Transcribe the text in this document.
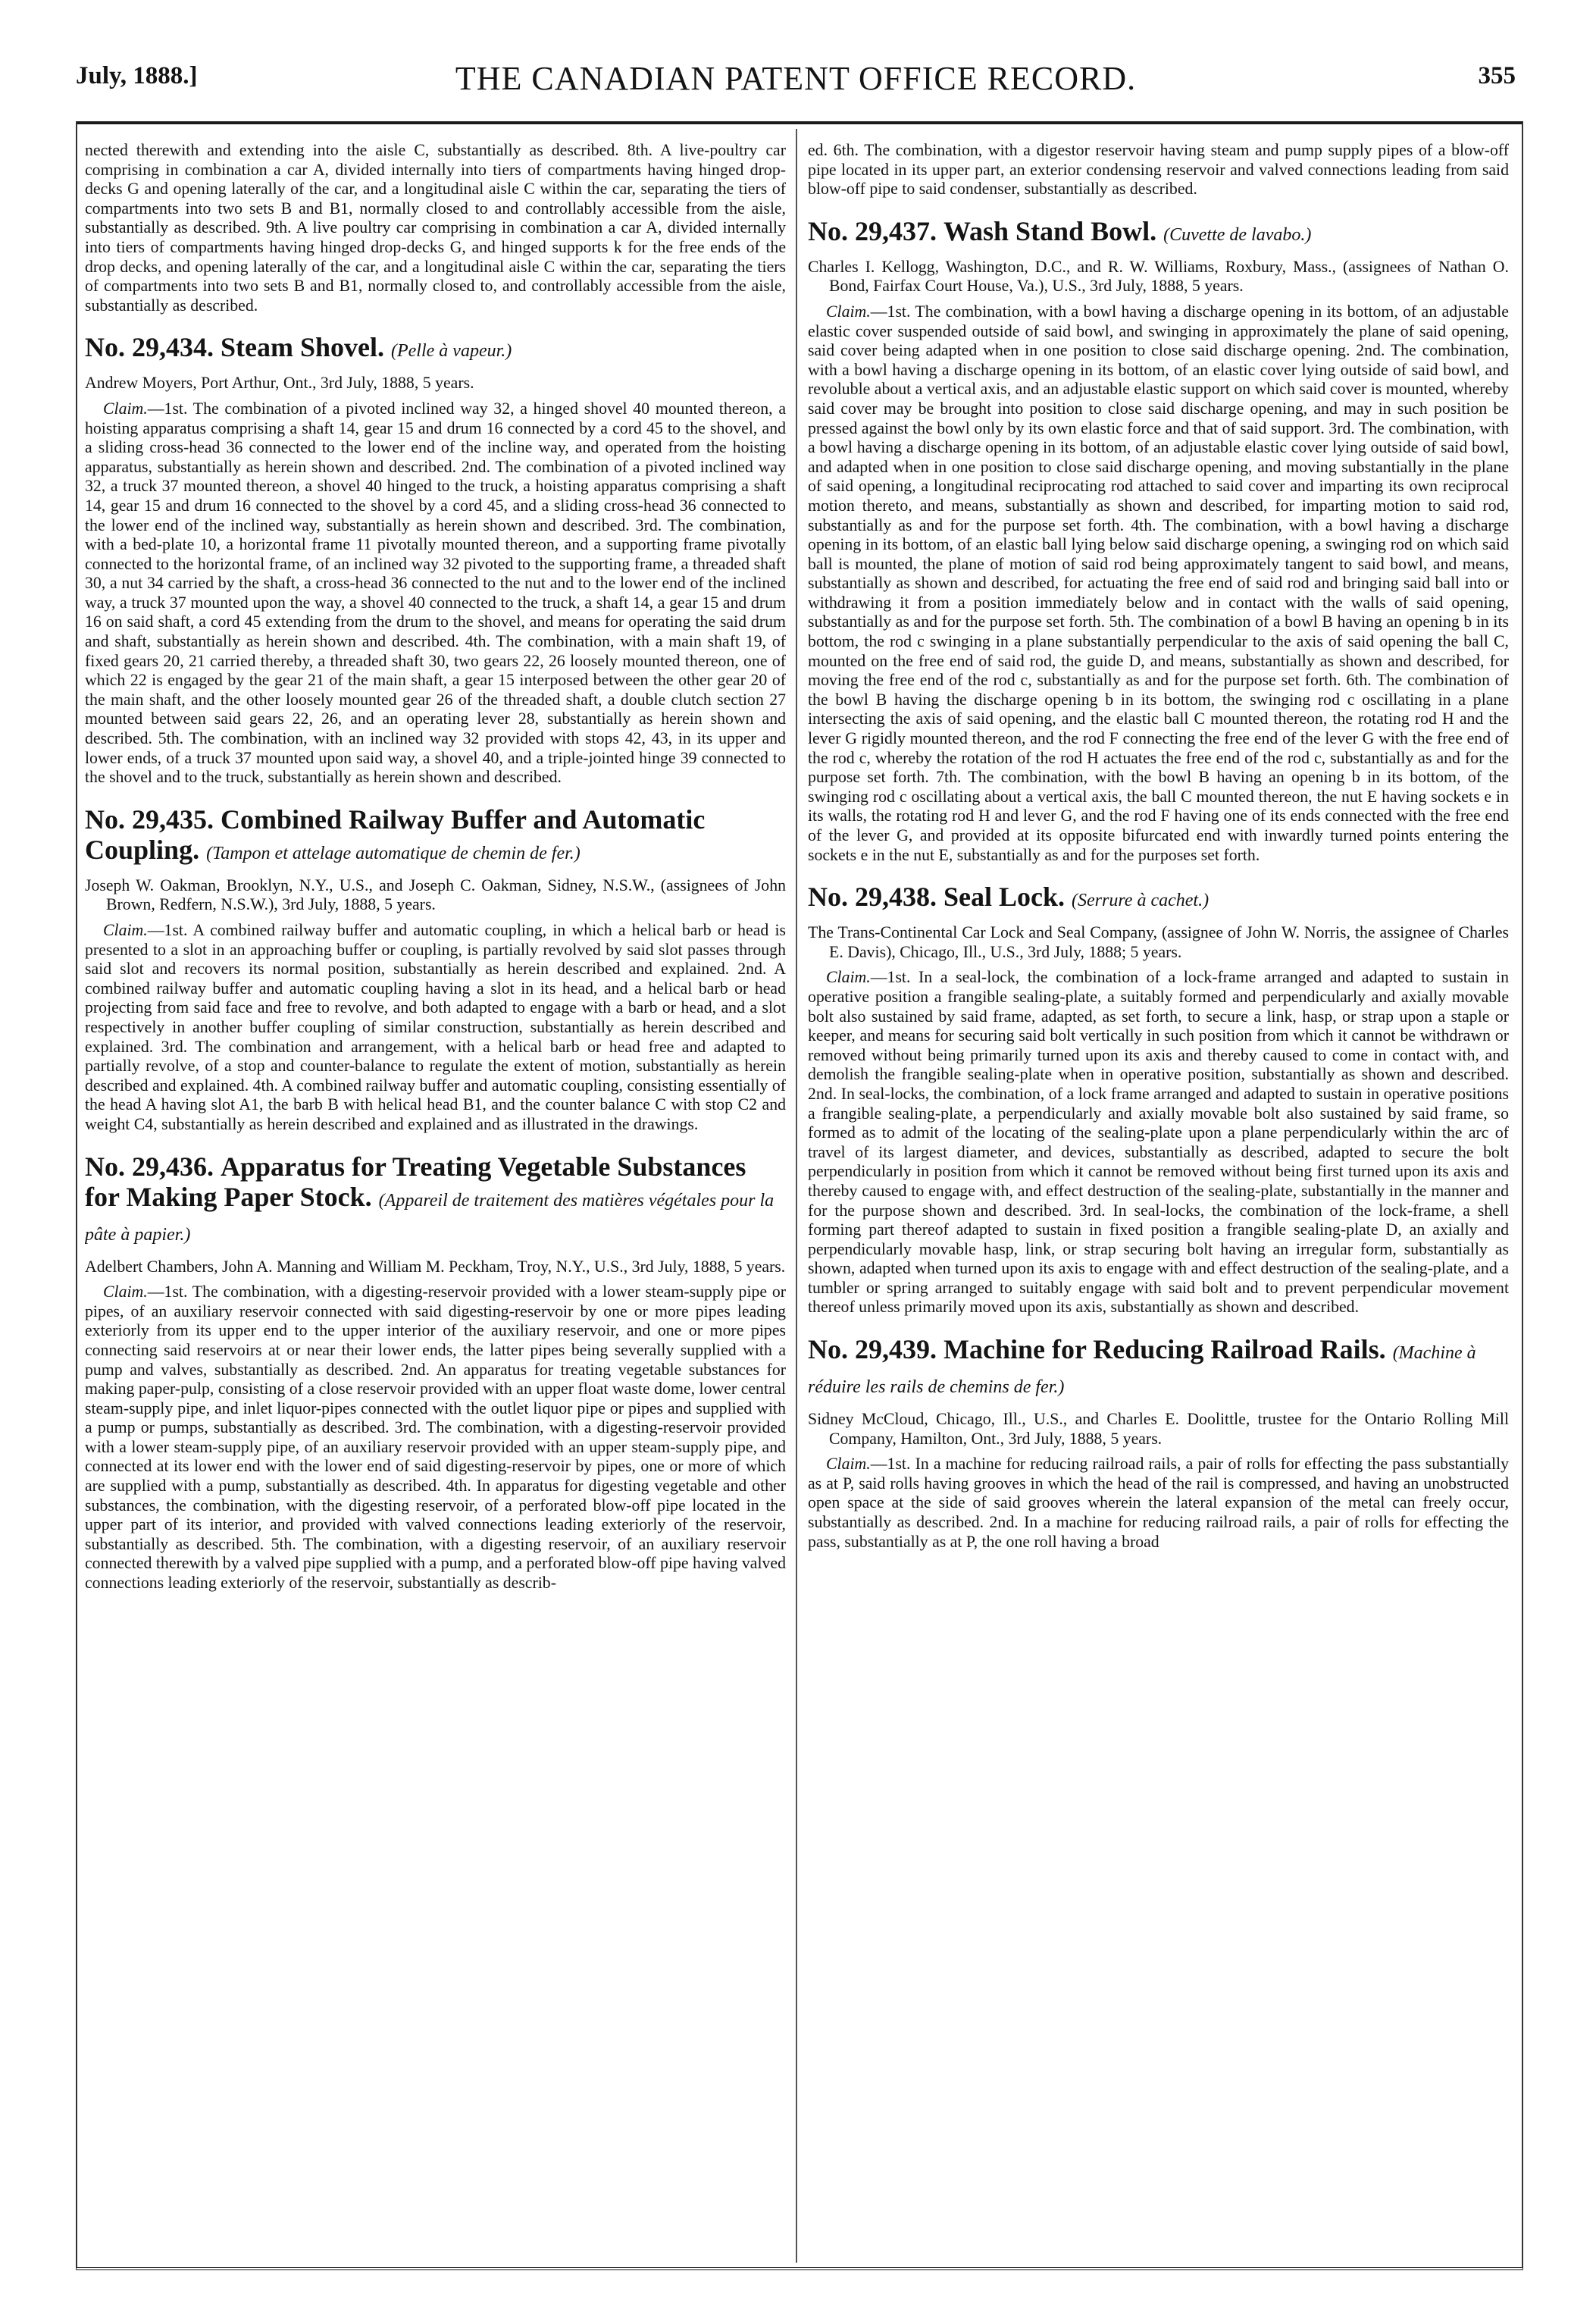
July, 1888.]	THE CANADIAN PATENT OFFICE RECORD.	355

nected therewith and extending into the aisle C, substantially as described. 8th. A live-poultry car comprising in combination a car A, divided internally into tiers of compartments having hinged drop-decks G and opening laterally of the car, and a longitudinal aisle C within the car, separating the tiers of compartments into two sets B and B1, normally closed to and controllably accessible from the aisle, substantially as described. 9th. A live poultry car comprising in combination a car A, divided internally into tiers of compartments having hinged drop-decks G, and hinged supports k for the free ends of the drop decks, and opening laterally of the car, and a longitudinal aisle C within the car, separating the tiers of compartments into two sets B and B1, normally closed to, and controllably accessible from the aisle, substantially as described.

No. 29,434. Steam Shovel. (Pelle à vapeur.)

Andrew Moyers, Port Arthur, Ont., 3rd July, 1888, 5 years.

Claim.—1st. The combination of a pivoted inclined way 32, a hinged shovel 40 mounted thereon, a hoisting apparatus comprising a shaft 14, gear 15 and drum 16 connected by a cord 45 to the shovel, and a sliding cross-head 36 connected to the lower end of the incline way, and operated from the hoisting apparatus, substantially as herein shown and described. 2nd. The combination of a pivoted inclined way 32, a truck 37 mounted thereon, a shovel 40 hinged to the truck, a hoisting apparatus comprising a shaft 14, gear 15 and drum 16 connected to the shovel by a cord 45, and a sliding cross-head 36 connected to the lower end of the inclined way, substantially as herein shown and described. 3rd. The combination, with a bed-plate 10, a horizontal frame 11 pivotally mounted thereon, and a supporting frame pivotally connected to the horizontal frame, of an inclined way 32 pivoted to the supporting frame, a threaded shaft 30, a nut 34 carried by the shaft, a cross-head 36 connected to the nut and to the lower end of the inclined way, a truck 37 mounted upon the way, a shovel 40 connected to the truck, a shaft 14, a gear 15 and drum 16 on said shaft, a cord 45 extending from the drum to the shovel, and means for operating the said drum and shaft, substantially as herein shown and described. 4th. The combination, with a main shaft 19, of fixed gears 20, 21 carried thereby, a threaded shaft 30, two gears 22, 26 loosely mounted thereon, one of which 22 is engaged by the gear 21 of the main shaft, a gear 15 interposed between the other gear 20 of the main shaft, and the other loosely mounted gear 26 of the threaded shaft, a double clutch section 27 mounted between said gears 22, 26, and an operating lever 28, substantially as herein shown and described. 5th. The combination, with an inclined way 32 provided with stops 42, 43, in its upper and lower ends, of a truck 37 mounted upon said way, a shovel 40, and a triple-jointed hinge 39 connected to the shovel and to the truck, substantially as herein shown and described.

No. 29,435. Combined Railway Buffer and Automatic Coupling. (Tampon et attelage automatique de chemin de fer.)

Joseph W. Oakman, Brooklyn, N.Y., U.S., and Joseph C. Oakman, Sidney, N.S.W., (assignees of John Brown, Redfern, N.S.W.), 3rd July, 1888, 5 years.

Claim.—1st. A combined railway buffer and automatic coupling, in which a helical barb or head is presented to a slot in an approaching buffer or coupling, is partially revolved by said slot passes through said slot and recovers its normal position, substantially as herein described and explained. 2nd. A combined railway buffer and automatic coupling having a slot in its head, and a helical barb or head projecting from said face and free to revolve, and both adapted to engage with a barb or head, and a slot respectively in another buffer coupling of similar construction, substantially as herein described and explained. 3rd. The combination and arrangement, with a helical barb or head free and adapted to partially revolve, of a stop and counter-balance to regulate the extent of motion, substantially as herein described and explained. 4th. A combined railway buffer and automatic coupling, consisting essentially of the head A having slot A1, the barb B with helical head B1, and the counter balance C with stop C2 and weight C4, substantially as herein described and explained and as illustrated in the drawings.

No. 29,436. Apparatus for Treating Vegetable Substances for Making Paper Stock. (Appareil de traitement des matières végétales pour la pâte à papier.)

Adelbert Chambers, John A. Manning and William M. Peckham, Troy, N.Y., U.S., 3rd July, 1888, 5 years.

Claim.—1st. The combination, with a digesting-reservoir provided with a lower steam-supply pipe or pipes, of an auxiliary reservoir connected with said digesting-reservoir by one or more pipes leading exteriorly from its upper end to the upper interior of the auxiliary reservoir, and one or more pipes connecting said reservoirs at or near their lower ends, the latter pipes being severally supplied with a pump and valves, substantially as described. 2nd. An apparatus for treating vegetable substances for making paper-pulp, consisting of a close reservoir provided with an upper float waste dome, lower central steam-supply pipe, and inlet liquor-pipes connected with the outlet liquor pipe or pipes and supplied with a pump or pumps, substantially as described. 3rd. The combination, with a digesting-reservoir provided with a lower steam-supply pipe, of an auxiliary reservoir provided with an upper steam-supply pipe, and connected at its lower end with the lower end of said digesting-reservoir by pipes, one or more of which are supplied with a pump, substantially as described. 4th. In apparatus for digesting vegetable and other substances, the combination, with the digesting reservoir, of a perforated blow-off pipe located in the upper part of its interior, and provided with valved connections leading exteriorly of the reservoir, substantially as described. 5th. The combination, with a digesting reservoir, of an auxiliary reservoir connected therewith by a valved pipe supplied with a pump, and a perforated blow-off pipe having valved connections leading exteriorly of the reservoir, substantially as describ-

ed. 6th. The combination, with a digestor reservoir having steam and pump supply pipes of a blow-off pipe located in its upper part, an exterior condensing reservoir and valved connections leading from said blow-off pipe to said condenser, substantially as described.

No. 29,437. Wash Stand Bowl. (Cuvette de lavabo.)

Charles I. Kellogg, Washington, D.C., and R. W. Williams, Roxbury, Mass., (assignees of Nathan O. Bond, Fairfax Court House, Va.), U.S., 3rd July, 1888, 5 years.

Claim.—1st. The combination, with a bowl having a discharge opening in its bottom, of an adjustable elastic cover suspended outside of said bowl, and swinging in approximately the plane of said opening, said cover being adapted when in one position to close said discharge opening. 2nd. The combination, with a bowl having a discharge opening in its bottom, of an elastic cover lying outside of said bowl, and revoluble about a vertical axis, and an adjustable elastic support on which said cover is mounted, whereby said cover may be brought into position to close said discharge opening, and may in such position be pressed against the bowl only by its own elastic force and that of said support. 3rd. The combination, with a bowl having a discharge opening in its bottom, of an adjustable elastic cover lying outside of said bowl, and adapted when in one position to close said discharge opening, and moving substantially in the plane of said opening, a longitudinal reciprocating rod attached to said cover and imparting its own reciprocal motion thereto, and means, substantially as shown and described, for imparting motion to said rod, substantially as and for the purpose set forth. 4th. The combination, with a bowl having a discharge opening in its bottom, of an elastic ball lying below said discharge opening, a swinging rod on which said ball is mounted, the plane of motion of said rod being approximately tangent to said bowl, and means, substantially as shown and described, for actuating the free end of said rod and bringing said ball into or withdrawing it from a position immediately below and in contact with the walls of said opening, substantially as and for the purpose set forth. 5th. The combination of a bowl B having an opening b in its bottom, the rod c swinging in a plane substantially perpendicular to the axis of said opening the ball C, mounted on the free end of said rod, the guide D, and means, substantially as shown and described, for moving the free end of the rod c, substantially as and for the purpose set forth. 6th. The combination of the bowl B having the discharge opening b in its bottom, the swinging rod c oscillating in a plane intersecting the axis of said opening, and the elastic ball C mounted thereon, the rotating rod H and the lever G rigidly mounted thereon, and the rod F connecting the free end of the lever G with the free end of the rod c, whereby the rotation of the rod H actuates the free end of the rod c, substantially as and for the purpose set forth. 7th. The combination, with the bowl B having an opening b in its bottom, of the swinging rod c oscillating about a vertical axis, the ball C mounted thereon, the nut E having sockets e in its walls, the rotating rod H and lever G, and the rod F having one of its ends connected with the free end of the lever G, and provided at its opposite bifurcated end with inwardly turned points entering the sockets e in the nut E, substantially as and for the purposes set forth.

No. 29,438. Seal Lock. (Serrure à cachet.)

The Trans-Continental Car Lock and Seal Company, (assignee of John W. Norris, the assignee of Charles E. Davis), Chicago, Ill., U.S., 3rd July, 1888; 5 years.

Claim.—1st. In a seal-lock, the combination of a lock-frame arranged and adapted to sustain in operative position a frangible sealing-plate, a suitably formed and perpendicularly and axially movable bolt also sustained by said frame, adapted, as set forth, to secure a link, hasp, or strap upon a staple or keeper, and means for securing said bolt vertically in such position from which it cannot be withdrawn or removed without being primarily turned upon its axis and thereby caused to come in contact with, and demolish the frangible sealing-plate when in operative position, substantially as shown and described. 2nd. In seal-locks, the combination, of a lock frame arranged and adapted to sustain in operative positions a frangible sealing-plate, a perpendicularly and axially movable bolt also sustained by said frame, so formed as to admit of the locating of the sealing-plate upon a plane perpendicularly within the arc of travel of its largest diameter, and devices, substantially as described, adapted to secure the bolt perpendicularly in position from which it cannot be removed without being first turned upon its axis and thereby caused to engage with, and effect destruction of the sealing-plate, substantially in the manner and for the purpose shown and described. 3rd. In seal-locks, the combination of the lock-frame, a shell forming part thereof adapted to sustain in fixed position a frangible sealing-plate D, an axially and perpendicularly movable hasp, link, or strap securing bolt having an irregular form, substantially as shown, adapted when turned upon its axis to engage with and effect destruction of the sealing-plate, and a tumbler or spring arranged to suitably engage with said bolt and to prevent perpendicular movement thereof unless primarily moved upon its axis, substantially as shown and described.

No. 29,439. Machine for Reducing Railroad Rails. (Machine à réduire les rails de chemins de fer.)

Sidney McCloud, Chicago, Ill., U.S., and Charles E. Doolittle, trustee for the Ontario Rolling Mill Company, Hamilton, Ont., 3rd July, 1888, 5 years.

Claim.—1st. In a machine for reducing railroad rails, a pair of rolls for effecting the pass substantially as at P, said rolls having grooves in which the head of the rail is compressed, and having an unobstructed open space at the side of said grooves wherein the lateral expansion of the metal can freely occur, substantially as described. 2nd. In a machine for reducing railroad rails, a pair of rolls for effecting the pass, substantially as at P, the one roll having a broad
